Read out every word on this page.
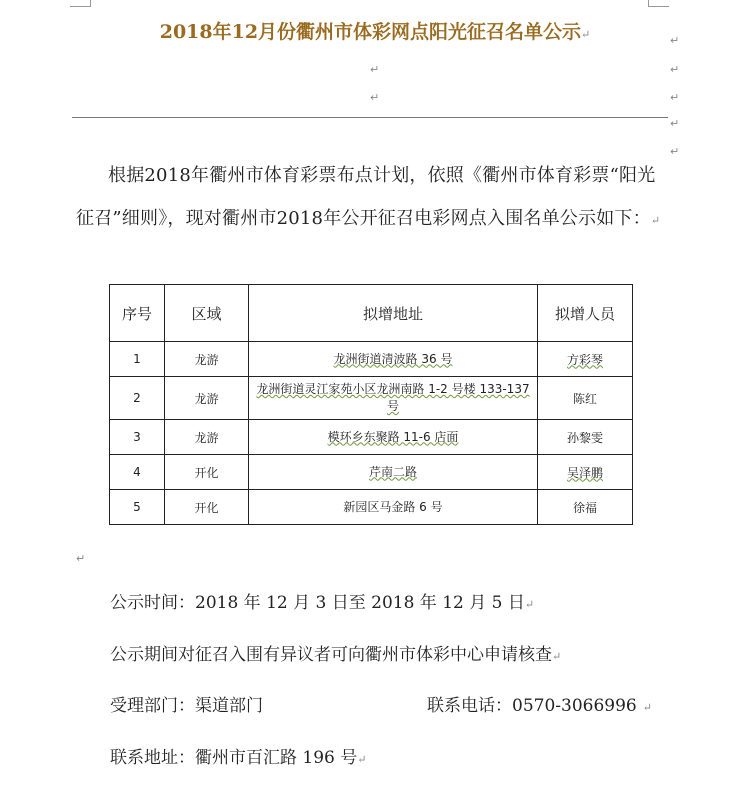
2018年12月份衢州市体彩网点阳光征召名单公示↵
↵
↵
↵
↵
↵
↵
↵
根据2018年衢州市体育彩票布点计划，依照《衢州市体育彩票“阳光征召”细则》，现对衢州市2018年公开征召电彩网点入围名单公示如下：↵
序号	区域	拟增地址	拟增人员
1	龙游	龙洲街道清波路 36 号	方彩琴
2	龙游	龙洲街道灵江家苑小区龙洲南路 1-2 号楼 133-137 号	陈红
3	龙游	模环乡东聚路 11-6 店面	孙黎雯
4	开化	芹南二路	吴泽鹏
5	开化	新园区马金路 6 号	徐福
↵
公示时间：2018 年 12 月 3 日至 2018 年 12 月 5 日↵
公示期间对征召入围有异议者可向衢州市体彩中心申请核查↵
受理部门：渠道部门	联系电话：0570-3066996 ↵
联系地址：衢州市百汇路 196 号↵
